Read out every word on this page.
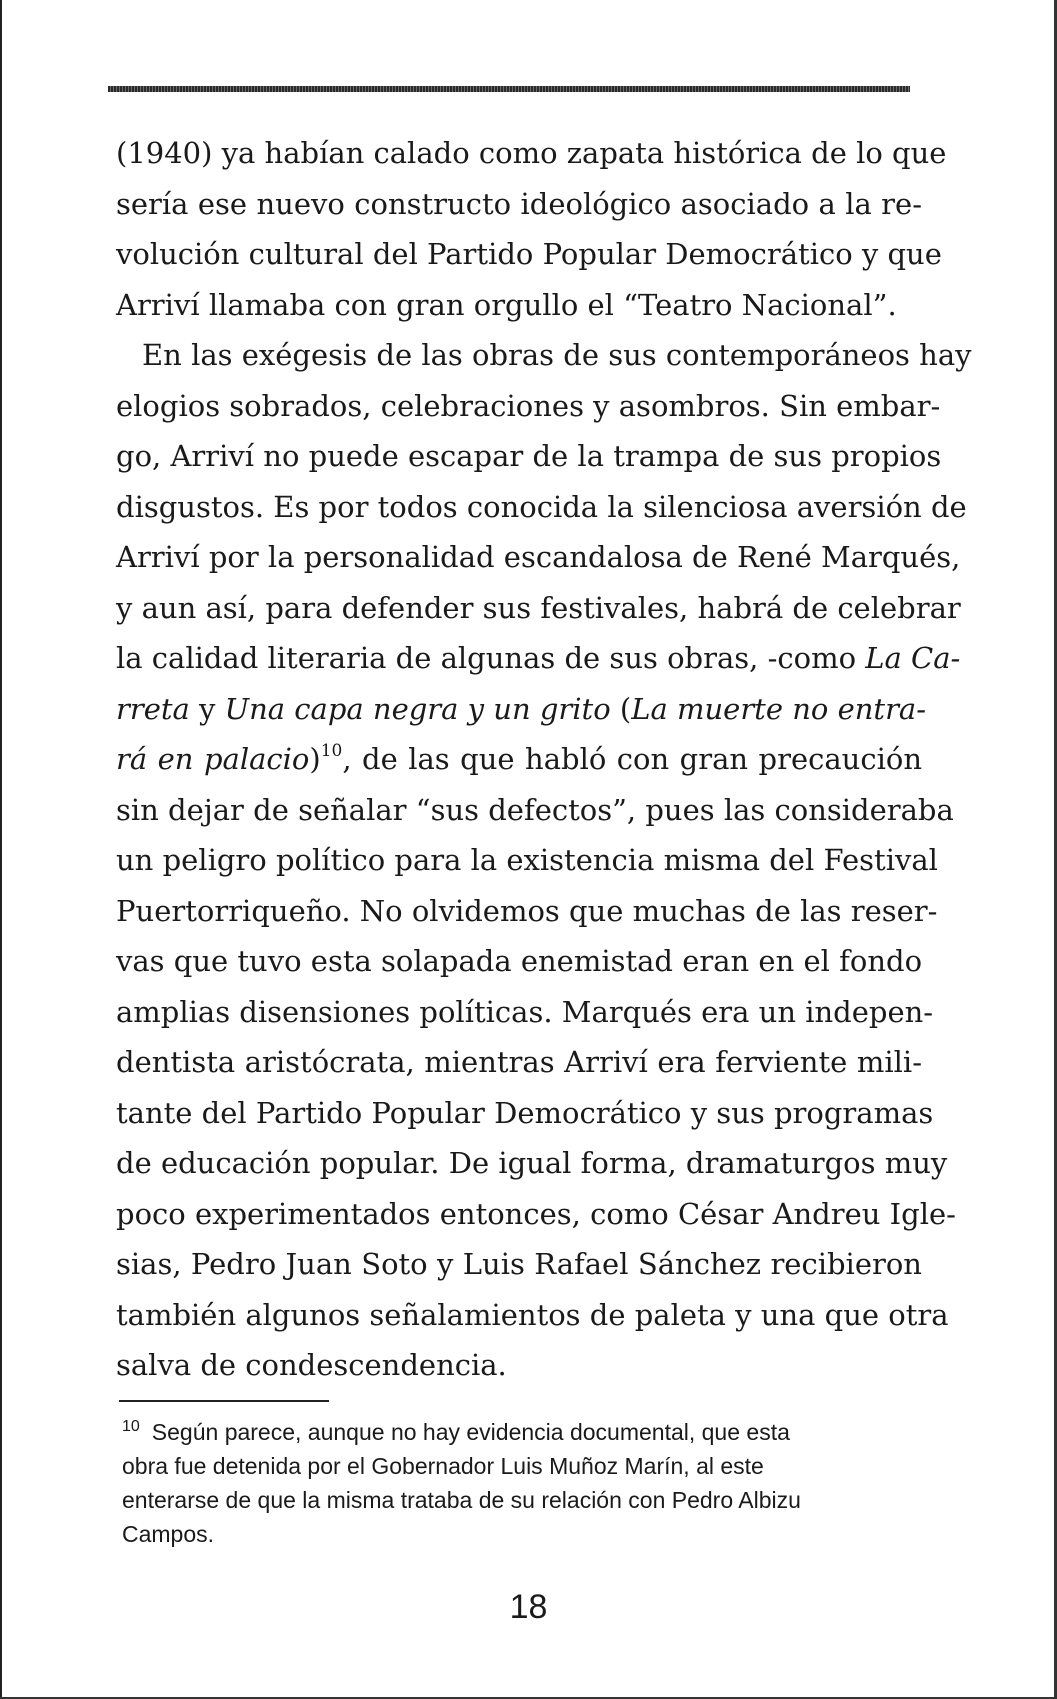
(1940) ya habían calado como zapata histórica de lo que
sería ese nuevo constructo ideológico asociado a la re-
volución cultural del Partido Popular Democrático y que
Arriví llamaba con gran orgullo el “Teatro Nacional”.
En las exégesis de las obras de sus contemporáneos hay
elogios sobrados, celebraciones y asombros. Sin embar-
go, Arriví no puede escapar de la trampa de sus propios
disgustos. Es por todos conocida la silenciosa aversión de
Arriví por la personalidad escandalosa de René Marqués,
y aun así, para defender sus festivales, habrá de celebrar
la calidad literaria de algunas de sus obras, -como La Ca-
rreta y Una capa negra y un grito (La muerte no entra-
rá en palacio)$^{10}$, de las que habló con gran precaución
sin dejar de señalar “sus defectos”, pues las consideraba
un peligro político para la existencia misma del Festival
Puertorriqueño. No olvidemos que muchas de las reser-
vas que tuvo esta solapada enemistad eran en el fondo
amplias disensiones políticas. Marqués era un indepen-
dentista aristócrata, mientras Arriví era ferviente mili-
tante del Partido Popular Democrático y sus programas
de educación popular. De igual forma, dramaturgos muy
poco experimentados entonces, como César Andreu Igle-
sias, Pedro Juan Soto y Luis Rafael Sánchez recibieron
también algunos señalamientos de paleta y una que otra
salva de condescendencia.

$^{10}$ Según parece, aunque no hay evidencia documental, que esta
obra fue detenida por el Gobernador Luis Muñoz Marín, al este
enterarse de que la misma trataba de su relación con Pedro Albizu
Campos.
18
